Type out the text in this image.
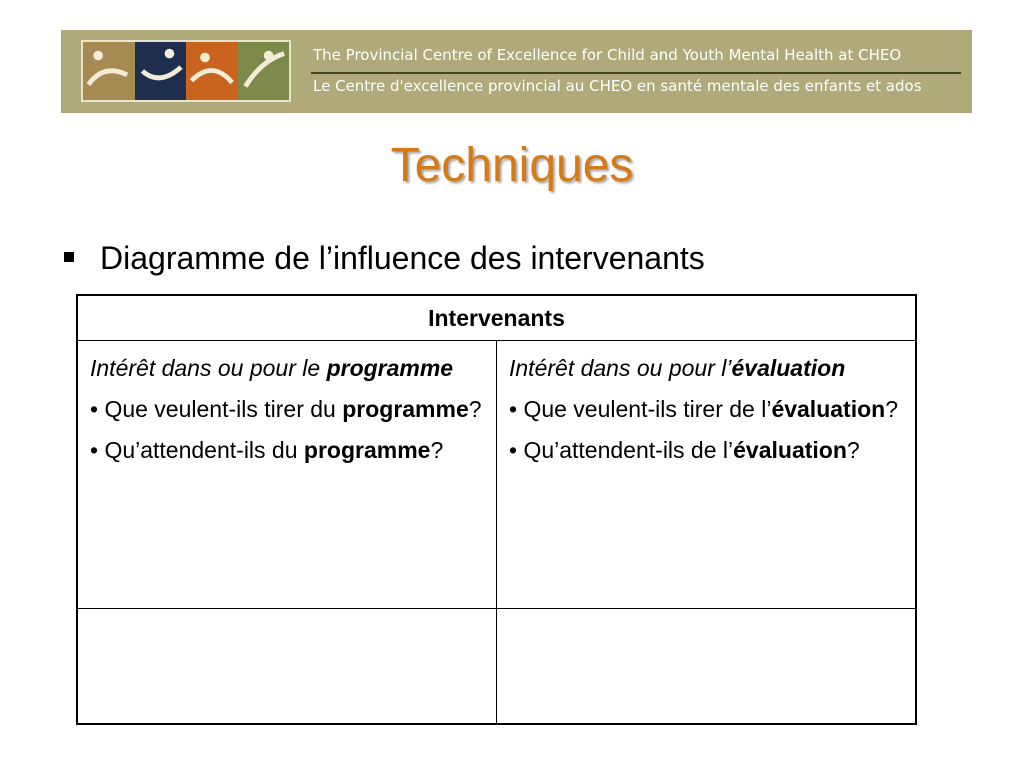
The Provincial Centre of Excellence for Child and Youth Mental Health at CHEO
Le Centre d'excellence provincial au CHEO en santé mentale des enfants et ados
Techniques
Diagramme de l’influence des intervenants
Intervenants

Intérêt dans ou pour le programme

• Que veulent-ils tirer du programme?

• Qu’attendent-ils du programme?

Intérêt dans ou pour l’évaluation

• Que veulent-ils tirer de l’évaluation?

• Qu’attendent-ils de l’évaluation?
